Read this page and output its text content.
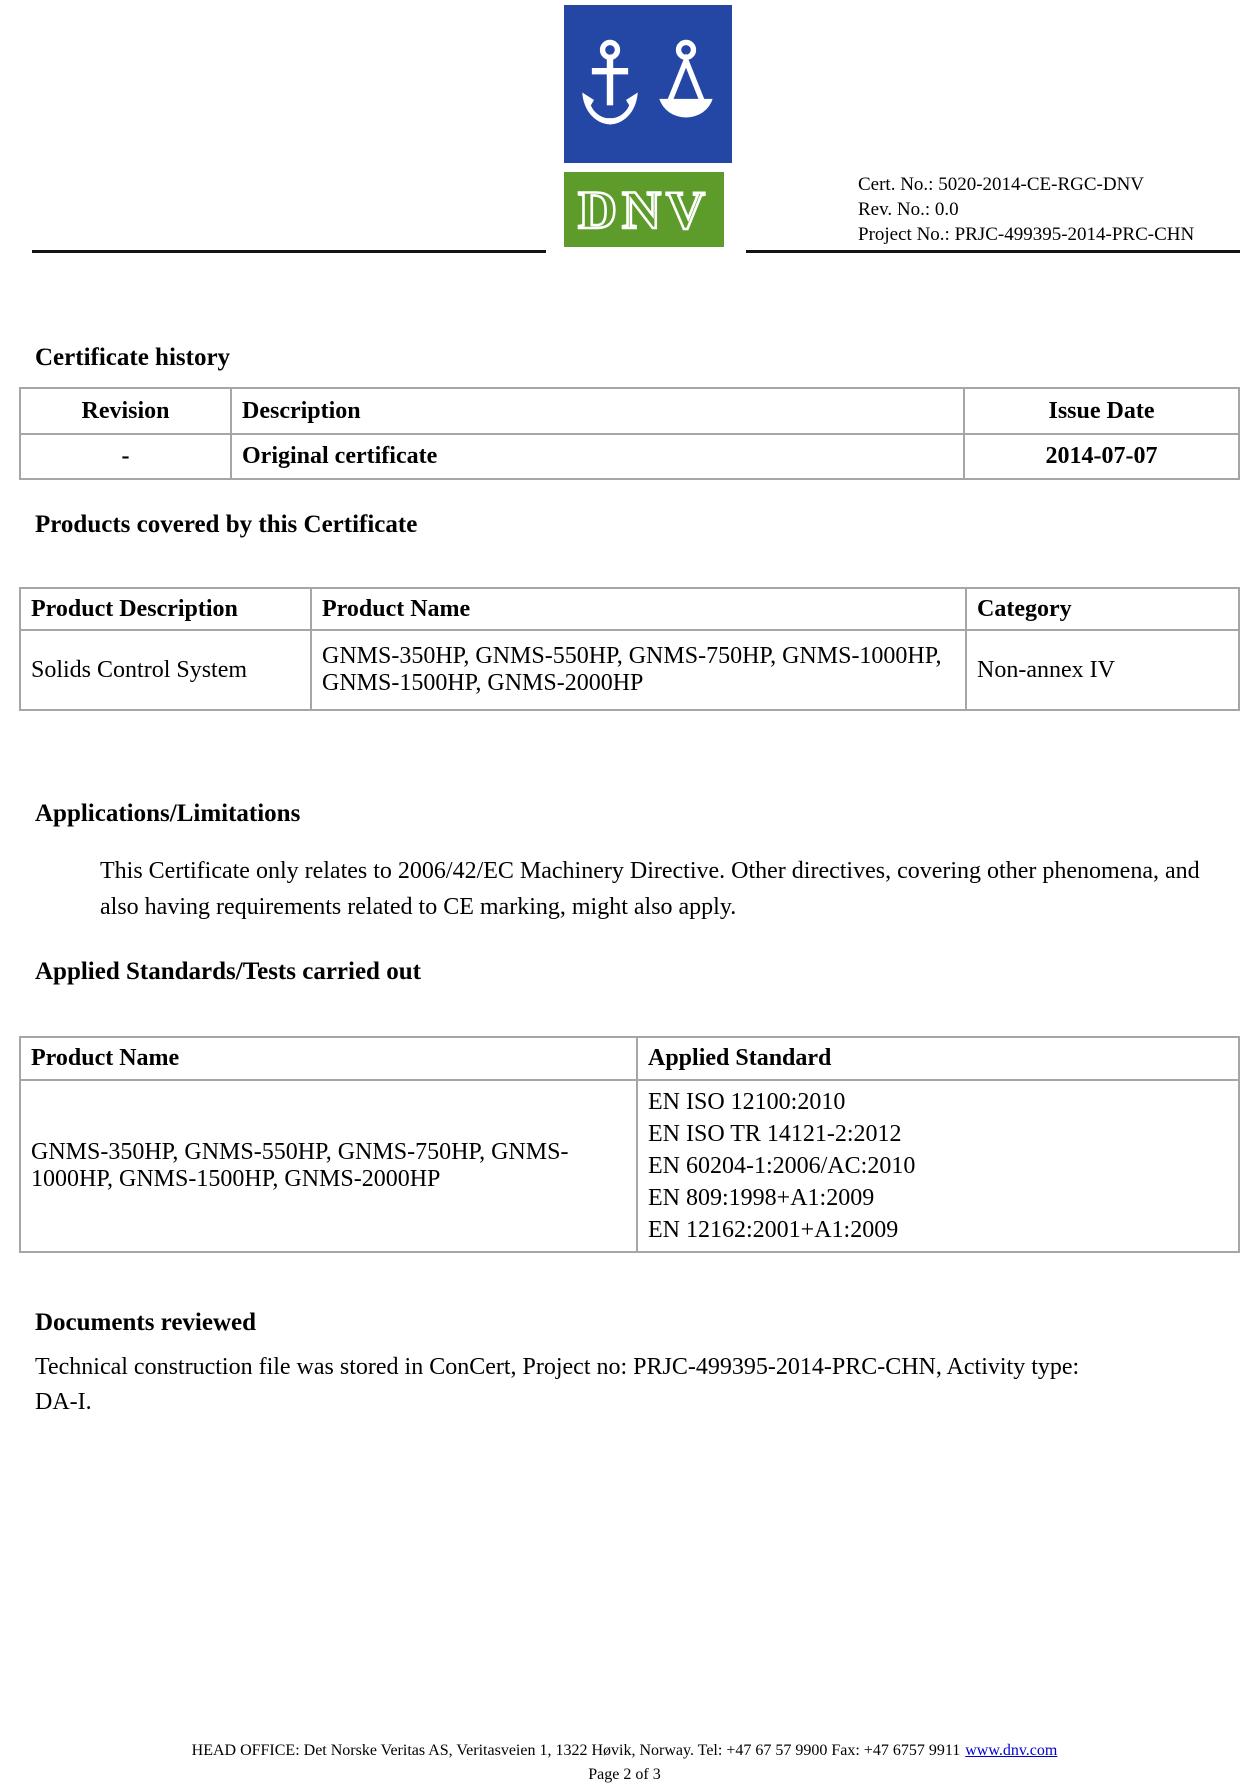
DNV	Cert. No.: 5020-2014-CE-RGC-DNV
Rev. No.: 0.0
Project No.: PRJC-499395-2014-PRC-CHN
Certificate history
Revision	Description	Issue Date
-	Original certificate	2014-07-07
Products covered by this Certificate
Product Description	Product Name	Category
Solids Control System	GNMS-350HP, GNMS-550HP, GNMS-750HP, GNMS-1000HP, GNMS-1500HP, GNMS-2000HP	Non-annex IV
Applications/Limitations
This Certificate only relates to 2006/42/EC Machinery Directive. Other directives, covering other phenomena, and also having requirements related to CE marking, might also apply.
Applied Standards/Tests carried out
Product Name	Applied Standard
GNMS-350HP, GNMS-550HP, GNMS-750HP, GNMS-1000HP, GNMS-1500HP, GNMS-2000HP	EN ISO 12100:2010
EN ISO TR 14121-2:2012
EN 60204-1:2006/AC:2010
EN 809:1998+A1:2009
EN 12162:2001+A1:2009
Documents reviewed
Technical construction file was stored in ConCert, Project no: PRJC-499395-2014-PRC-CHN, Activity type: DA-I.
HEAD OFFICE: Det Norske Veritas AS, Veritasveien 1, 1322 Høvik, Norway. Tel: +47 67 57 9900 Fax: +47 6757 9911 www.dnv.com
Page 2 of 3
